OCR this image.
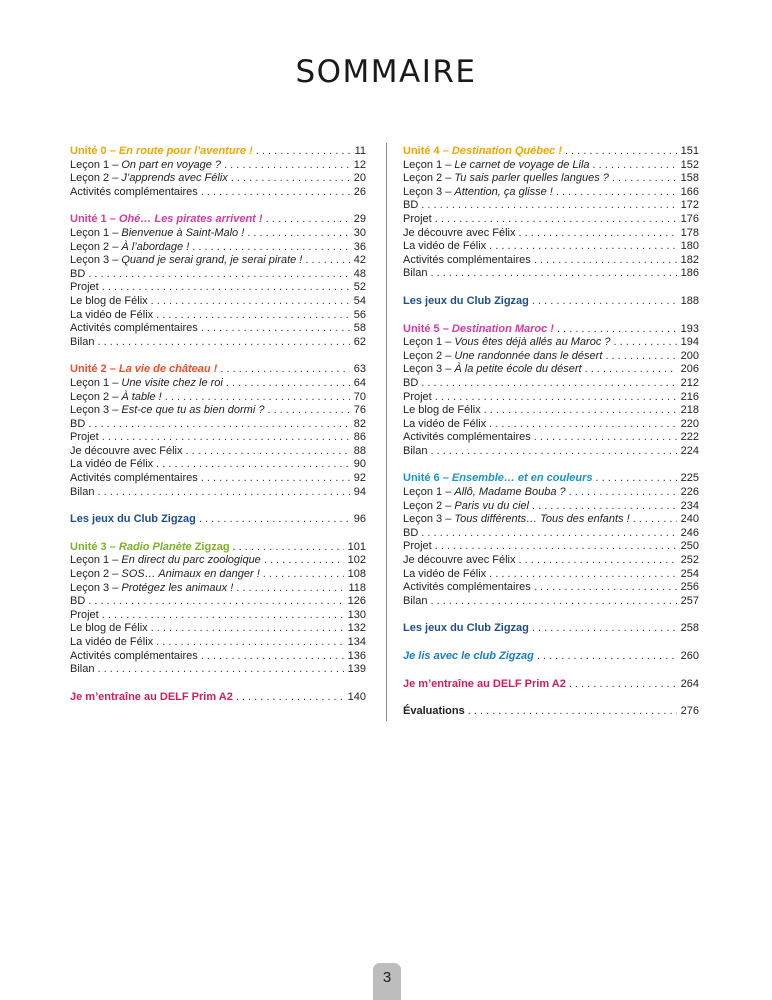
SOMMAIRE
Unité 0 – En route pour l’aventure ! . . .	11
Leçon 1 – On part en voyage ? . . .	12
Leçon 2 – J’apprends avec Félix . . .	20
Activités complémentaires . . .	26
Unité 1 – Ohé… Les pirates arrivent ! . . .	29
Leçon 1 – Bienvenue à Saint-Malo ! . . .	30
Leçon 2 – À l’abordage ! . . .	36
Leçon 3 – Quand je serai grand, je serai pirate ! . . .	42
BD . . .	48
Projet . . .	52
Le blog de Félix . . .	54
La vidéo de Félix . . .	56
Activités complémentaires . . .	58
Bilan . . .	62
Unité 2 – La vie de château ! . . .	63
Leçon 1 – Une visite chez le roi . . .	64
Leçon 2 – À table ! . . .	70
Leçon 3 – Est-ce que tu as bien dormi ? . . .	76
BD . . .	82
Projet . . .	86
Je découvre avec Félix . . .	88
La vidéo de Félix . . .	90
Activités complémentaires . . .	92
Bilan . . .	94
Les jeux du Club Zigzag . . .	96
Unité 3 – Radio Planète Zigzag . . .	101
Leçon 1 – En direct du parc zoologique . . .	102
Leçon 2 – SOS… Animaux en danger ! . . .	108
Leçon 3 – Protégez les animaux ! . . .	118
BD . . .	126
Projet . . .	130
Le blog de Félix . . .	132
La vidéo de Félix . . .	134
Activités complémentaires . . .	136
Bilan . . .	139
Je m’entraîne au DELF Prim A2 . . .	140
Unité 4 – Destination Québec ! . . .	151
Leçon 1 – Le carnet de voyage de Lila . . .	152
Leçon 2 – Tu sais parler quelles langues ? . . .	158
Leçon 3 – Attention, ça glisse ! . . .	166
BD . . .	172
Projet . . .	176
Je découvre avec Félix . . .	178
La vidéo de Félix . . .	180
Activités complémentaires . . .	182
Bilan . . .	186
Les jeux du Club Zigzag . . .	188
Unité 5 – Destination Maroc ! . . .	193
Leçon 1 – Vous êtes déjà allés au Maroc ? . . .	194
Leçon 2 – Une randonnée dans le désert . . .	200
Leçon 3 – À la petite école du désert . . .	206
BD . . .	212
Projet . . .	216
Le blog de Félix . . .	218
La vidéo de Félix . . .	220
Activités complémentaires . . .	222
Bilan . . .	224
Unité 6 – Ensemble… et en couleurs . . .	225
Leçon 1 – Allô, Madame Bouba ? . . .	226
Leçon 2 – Paris vu du ciel . . .	234
Leçon 3 – Tous différents… Tous des enfants ! . . .	240
BD . . .	246
Projet . . .	250
Je découvre avec Félix . . .	252
La vidéo de Félix . . .	254
Activités complémentaires . . .	256
Bilan . . .	257
Les jeux du Club Zigzag . . .	258
Je lis avec le club Zigzag . . .	260
Je m’entraîne au DELF Prim A2 . . .	264
Évaluations . . .	276
3
